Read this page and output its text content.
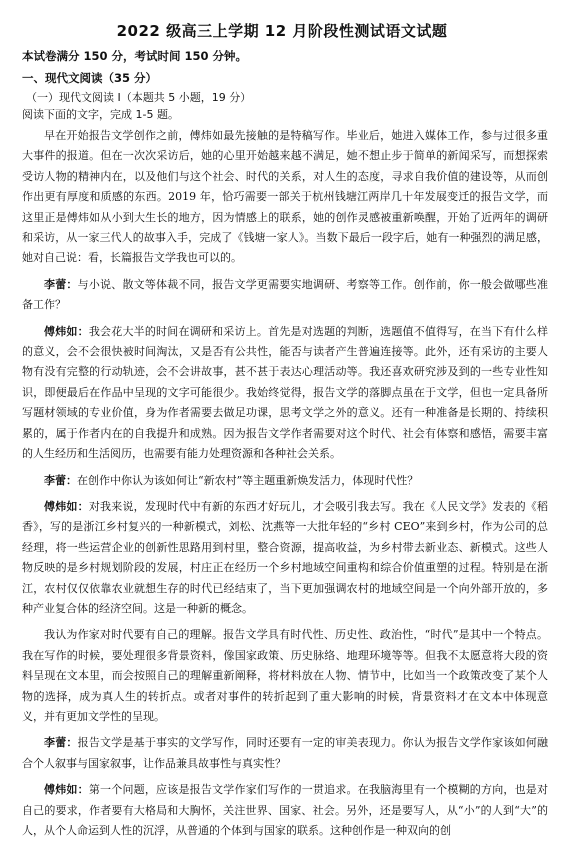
2022 级高三上学期 12 月阶段性测试语文试题
本试卷满分 150 分，考试时间 150 分钟。
一、现代文阅读（35 分）
（一）现代文阅读 I（本题共 5 小题，19 分）
阅读下面的文字，完成 1-5 题。

早在开始报告文学创作之前，傅炜如最先接触的是特稿写作。毕业后，她进入媒体工作，参与过很多重大事件的报道。但在一次次采访后，她的心里开始越来越不满足，她不想止步于简单的新闻采写，而想探索受访人物的精神内在，以及他们与这个社会、时代的关系，对人生的态度，寻求自我价值的建设等，从而创作出更有厚度和质感的东西。2019 年，恰巧需要一部关于杭州钱塘江两岸几十年发展变迁的报告文学，而这里正是傅炜如从小到大生长的地方，因为情感上的联系，她的创作灵感被重新唤醒，开始了近两年的调研和采访，从一家三代人的故事入手，完成了《钱塘一家人》。当数下最后一段字后，她有一种强烈的满足感，她对自己说：看，长篇报告文学我也可以的。

李蕾：与小说、散文等体裁不同，报告文学更需要实地调研、考察等工作。创作前，你一般会做哪些准备工作？

傅炜如：我会花大半的时间在调研和采访上。首先是对选题的判断，选题值不值得写，在当下有什么样的意义，会不会很快被时间淘汰，又是否有公共性，能否与读者产生普遍连接等。此外，还有采访的主要人物有没有完整的行动轨迹，会不会讲故事，甚不甚于表达心理活动等。我还喜欢研究涉及到的一些专业性知识，即便最后在作品中呈现的文字可能很少。我始终觉得，报告文学的落脚点虽在于文学，但也一定具备所写题材领域的专业价值，身为作者需要去做足功课，思考文学之外的意义。还有一种准备是长期的、持续积累的，属于作者内在的自我提升和成熟。因为报告文学作者需要对这个时代、社会有体察和感悟，需要丰富的人生经历和生活阅历，也需要有能力处理资源和各种社会关系。

李蕾：在创作中你认为该如何让“新农村”等主题重新焕发活力，体现时代性？

傅炜如：对我来说，发现时代中有新的东西才好玩儿，才会吸引我去写。我在《人民文学》发表的《稻香》，写的是浙江乡村复兴的一种新模式，刘松、沈燕等一大批年轻的“乡村 CEO”来到乡村，作为公司的总经理，将一些运营企业的创新性思路用到村里，整合资源，提高收益，为乡村带去新业态、新模式。这些人物反映的是乡村规划阶段的发展，村庄正在经历一个乡村地域空间重构和综合价值重塑的过程。特别是在浙江，农村仅仅依靠农业就想生存的时代已经结束了，当下更加强调农村的地域空间是一个向外部开放的，多种产业复合体的经济空间。这是一种新的概念。

我认为作家对时代要有自己的理解。报告文学具有时代性、历史性、政治性，“时代”是其中一个特点。我在写作的时候，要处理很多背景资料，像国家政策、历史脉络、地理环境等等。但我不太愿意将大段的资料呈现在文本里，而会按照自己的理解重新阐释，将材料放在人物、情节中，比如当一个政策改变了某个人物的选择，成为真人生的转折点。或者对事件的转折起到了重大影响的时候，背景资料才在文本中体现意义，并有更加文学性的呈现。

李蕾：报告文学是基于事实的文学写作，同时还要有一定的审美表现力。你认为报告文学作家该如何融合个人叙事与国家叙事，让作品兼具故事性与真实性？

傅炜如：第一个问题，应该是报告文学作家们写作的一贯追求。在我脑海里有一个模糊的方向，也是对自己的要求，作者要有大格局和大胸怀，关注世界、国家、社会。另外，还是要写人，从“小”的人到“大”的人，从个人命运到人性的沉浮，从普通的个体到与国家的联系。这种创作是一种双向的创
